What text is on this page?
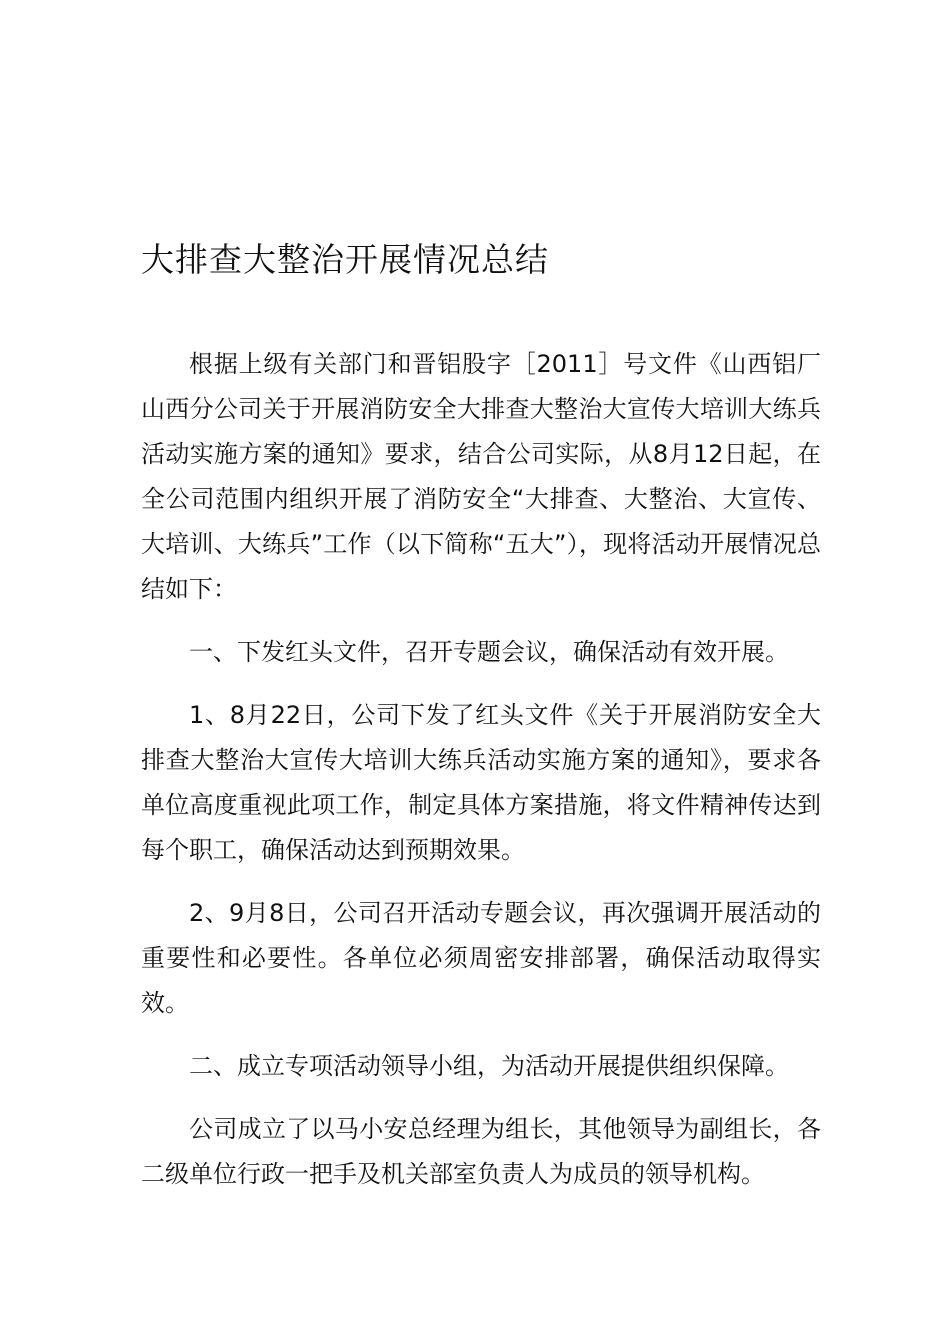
大排查大整治开展情况总结

根据上级有关部门和晋铝股字［2011］号文件《山西铝厂山西分公司关于开展消防安全大排查大整治大宣传大培训大练兵活动实施方案的通知》要求，结合公司实际，从8月12日起，在全公司范围内组织开展了消防安全“大排查、大整治、大宣传、大培训、大练兵”工作（以下简称“五大”），现将活动开展情况总结如下：

一、下发红头文件，召开专题会议，确保活动有效开展。

1、8月22日，公司下发了红头文件《关于开展消防安全大排查大整治大宣传大培训大练兵活动实施方案的通知》，要求各单位高度重视此项工作，制定具体方案措施，将文件精神传达到每个职工，确保活动达到预期效果。

2、9月8日，公司召开活动专题会议，再次强调开展活动的重要性和必要性。各单位必须周密安排部署，确保活动取得实效。

二、成立专项活动领导小组，为活动开展提供组织保障。

公司成立了以马小安总经理为组长，其他领导为副组长，各二级单位行政一把手及机关部室负责人为成员的领导机构。
